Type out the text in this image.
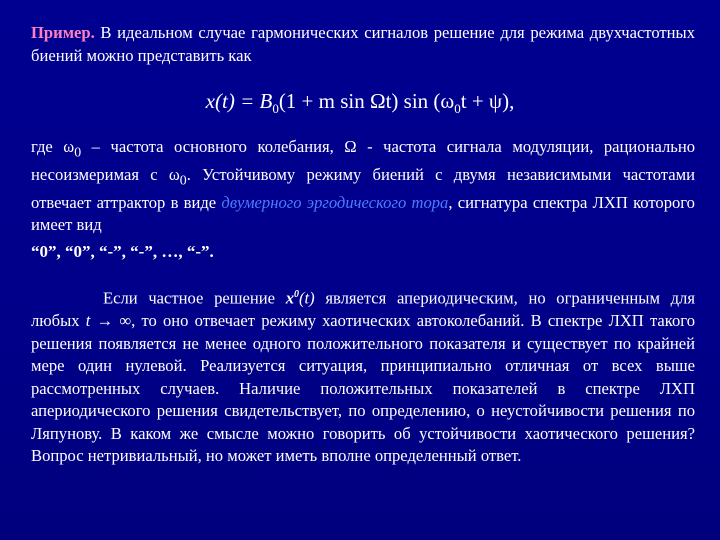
Пример. В идеальном случае гармонических сигналов решение для режима двухчастотных биений можно представить как
$x(t) = B_0(1 + m$ sin Ωt) $\sin (\omega_0t + \psi)$,
где $\omega_0$ – частота основного колебания, Ω - частота сигнала модуляции, рационально несоизмеримая с $\omega_0$. Устойчивому режиму биений с двумя независимыми частотами отвечает аттрактор в виде двумерного эргодического тора, сигнатура спектра ЛХП которого имеет вид
“0”, “0”, “-”, “-”, …, “-”.
Если частное решение $x^0(t)$ является апериодическим, но ограниченным для любых t → ∞, то оно отвечает режиму хаотических автоколебаний. В спектре ЛХП такого решения появляется не менее одного положительного показателя и существует по крайней мере один нулевой. Реализуется ситуация, принципиально отличная от всех выше рассмотренных случаев. Наличие положительных показателей в спектре ЛХП апериодического решения свидетельствует, по определению, о неустойчивости решения по Ляпунову. В каком же смысле можно говорить об устойчивости хаотического решения? Вопрос нетривиальный, но может иметь вполне определенный ответ.
